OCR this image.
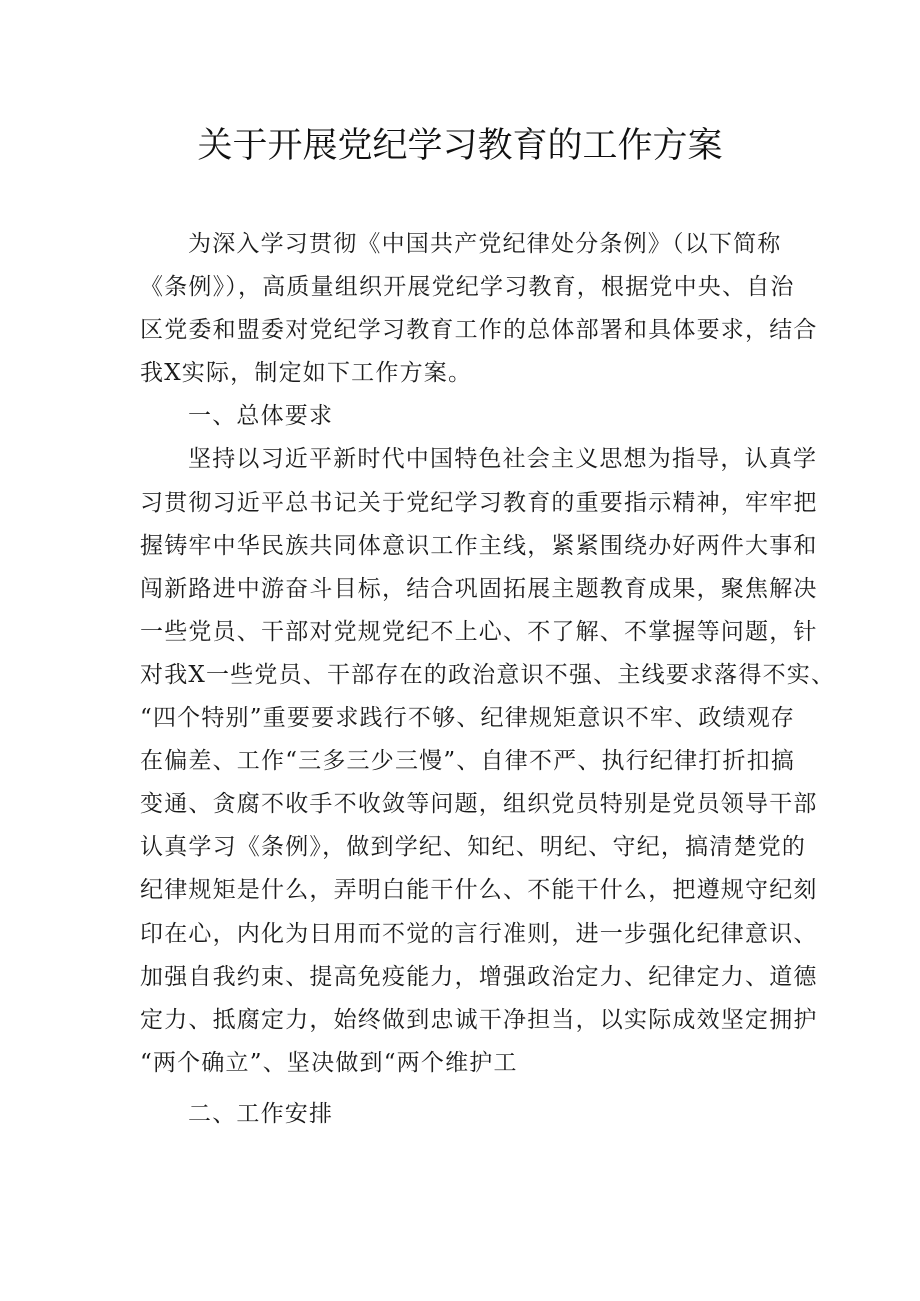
关于开展党纪学习教育的工作方案
为深入学习贯彻《中国共产党纪律处分条例》（以下简称
《条例》），高质量组织开展党纪学习教育，根据党中央、自治
区党委和盟委对党纪学习教育工作的总体部署和具体要求，结合
我X实际，制定如下工作方案。
一、总体要求
坚持以习近平新时代中国特色社会主义思想为指导，认真学
习贯彻习近平总书记关于党纪学习教育的重要指示精神，牢牢把
握铸牢中华民族共同体意识工作主线，紧紧围绕办好两件大事和
闯新路进中游奋斗目标，结合巩固拓展主题教育成果，聚焦解决
一些党员、干部对党规党纪不上心、不了解、不掌握等问题，针
对我X一些党员、干部存在的政治意识不强、主线要求落得不实、
“四个特别”重要要求践行不够、纪律规矩意识不牢、政绩观存
在偏差、工作“三多三少三慢”、自律不严、执行纪律打折扣搞
变通、贪腐不收手不收敛等问题，组织党员特别是党员领导干部
认真学习《条例》，做到学纪、知纪、明纪、守纪，搞清楚党的
纪律规矩是什么，弄明白能干什么、不能干什么，把遵规守纪刻
印在心，内化为日用而不觉的言行准则，进一步强化纪律意识、
加强自我约束、提高免疫能力，增强政治定力、纪律定力、道德
定力、抵腐定力，始终做到忠诚干净担当，以实际成效坚定拥护
“两个确立”、坚决做到“两个维护工
二、工作安排
